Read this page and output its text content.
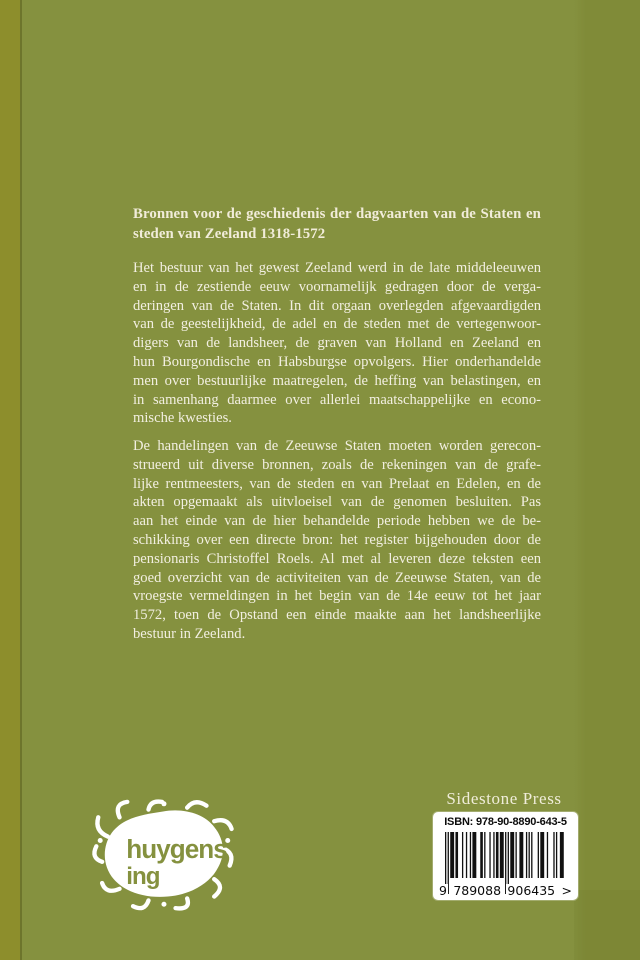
Bronnen voor de geschiedenis der dagvaarten van de Staten en
steden van Zeeland 1318-1572
Het bestuur van het gewest Zeeland werd in de late middeleeuwen
en in de zestiende eeuw voornamelijk gedragen door de verga-
deringen van de Staten. In dit orgaan overlegden afgevaardigden
van de geestelijkheid, de adel en de steden met de vertegenwoor-
digers van de landsheer, de graven van Holland en Zeeland en
hun Bourgondische en Habsburgse opvolgers. Hier onderhandelde
men over bestuurlijke maatregelen, de heffing van belastingen, en
in samenhang daarmee over allerlei maatschappelijke en econo-
mische kwesties.
De handelingen van de Zeeuwse Staten moeten worden gerecon-
strueerd uit diverse bronnen, zoals de rekeningen van de grafe-
lijke rentmeesters, van de steden en van Prelaat en Edelen, en de
akten opgemaakt als uitvloeisel van de genomen besluiten. Pas
aan het einde van de hier behandelde periode hebben we de be-
schikking over een directe bron: het register bijgehouden door de
pensionaris Christoffel Roels. Al met al leveren deze teksten een
goed overzicht van de activiteiten van de Zeeuwse Staten, van de
vroegste vermeldingen in het begin van de 14e eeuw tot het jaar
1572, toen de Opstand een einde maakte aan het landsheerlijke
bestuur in Zeeland.
Sidestone Press
ISBN: 978-90-8890-643-5
9 789088 906435 >
huygens
ing
